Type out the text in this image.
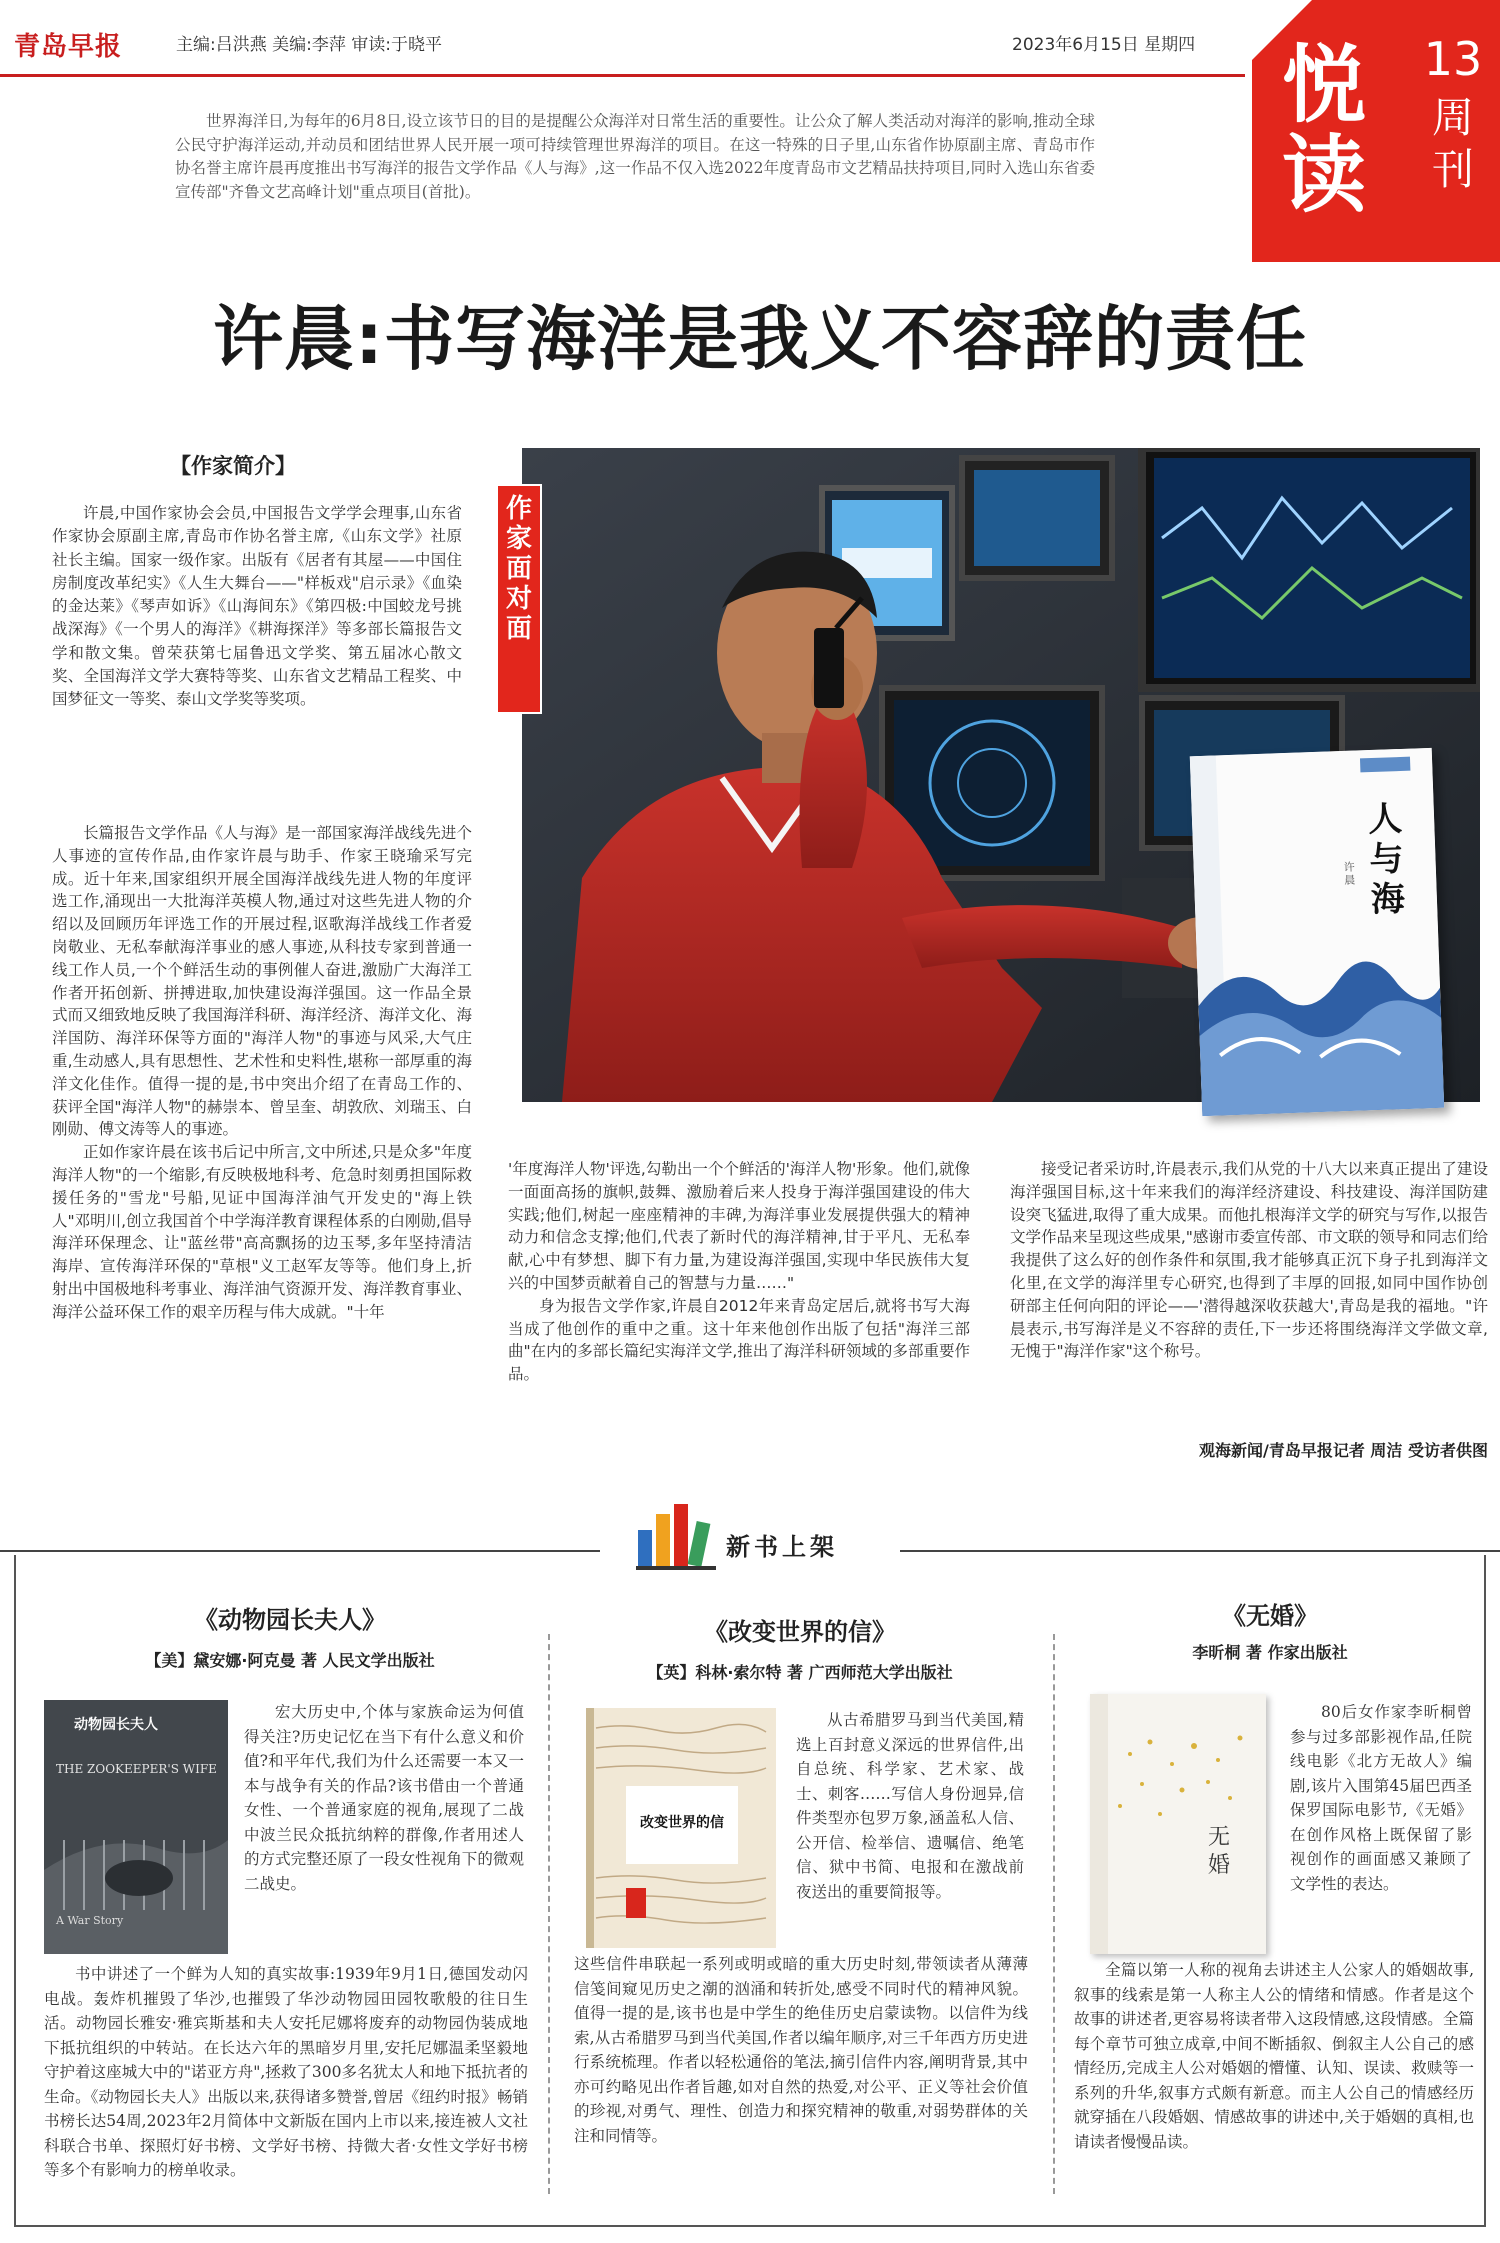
青岛早报	主编:吕洪燕 美编:李萍 审读:于晓平	2023年6月15日 星期四 悦读
13
周刊
世界海洋日,为每年的6月8日,设立该节日的目的是提醒公众海洋对日常生活的重要性。让公众了解人类活动对海洋的影响,推动全球公民守护海洋运动,并动员和团结世界人民开展一项可持续管理世界海洋的项目。在这一特殊的日子里,山东省作协原副主席、青岛市作协名誉主席许晨再度推出书写海洋的报告文学作品《人与海》,这一作品不仅入选2022年度青岛市文艺精品扶持项目,同时入选山东省委宣传部"齐鲁文艺高峰计划"重点项目(首批)。
许晨:书写海洋是我义不容辞的责任
【作家简介】
许晨,中国作家协会会员,中国报告文学学会理事,山东省作家协会原副主席,青岛市作协名誉主席,《山东文学》社原社长主编。国家一级作家。出版有《居者有其屋——中国住房制度改革纪实》《人生大舞台——"样板戏"启示录》《血染的金达莱》《琴声如诉》《山海间东》《第四极:中国蛟龙号挑战深海》《一个男人的海洋》《耕海探洋》等多部长篇报告文学和散文集。曾荣获第七届鲁迅文学奖、第五届冰心散文奖、全国海洋文学大赛特等奖、山东省文艺精品工程奖、中国梦征文一等奖、泰山文学奖等奖项。
作家面对面
人与海
许晨

长篇报告文学作品《人与海》是一部国家海洋战线先进个人事迹的宣传作品,由作家许晨与助手、作家王晓瑜采写完成。近十年来,国家组织开展全国海洋战线先进人物的年度评选工作,涌现出一大批海洋英模人物,通过对这些先进人物的介绍以及回顾历年评选工作的开展过程,讴歌海洋战线工作者爱岗敬业、无私奉献海洋事业的感人事迹,从科技专家到普通一线工作人员,一个个鲜活生动的事例催人奋进,激励广大海洋工作者开拓创新、拼搏进取,加快建设海洋强国。这一作品全景式而又细致地反映了我国海洋科研、海洋经济、海洋文化、海洋国防、海洋环保等方面的"海洋人物"的事迹与风采,大气庄重,生动感人,具有思想性、艺术性和史料性,堪称一部厚重的海洋文化佳作。值得一提的是,书中突出介绍了在青岛工作的、获评全国"海洋人物"的赫崇本、曾呈奎、胡敦欣、刘瑞玉、白刚勋、傅文涛等人的事迹。

正如作家许晨在该书后记中所言,文中所述,只是众多"年度海洋人物"的一个缩影,有反映极地科考、危急时刻勇担国际救援任务的"雪龙"号船,见证中国海洋油气开发史的"海上铁人"邓明川,创立我国首个中学海洋教育课程体系的白刚勋,倡导海洋环保理念、让"蓝丝带"高高飘扬的边玉琴,多年坚持清洁海岸、宣传海洋环保的"草根"义工赵军友等等。他们身上,折射出中国极地科考事业、海洋油气资源开发、海洋教育事业、海洋公益环保工作的艰辛历程与伟大成就。"十年

'年度海洋人物'评选,勾勒出一个个鲜活的'海洋人物'形象。他们,就像一面面高扬的旗帜,鼓舞、激励着后来人投身于海洋强国建设的伟大实践;他们,树起一座座精神的丰碑,为海洋事业发展提供强大的精神动力和信念支撑;他们,代表了新时代的海洋精神,甘于平凡、无私奉献,心中有梦想、脚下有力量,为建设海洋强国,实现中华民族伟大复兴的中国梦贡献着自己的智慧与力量……"

身为报告文学作家,许晨自2012年来青岛定居后,就将书写大海当成了他创作的重中之重。这十年来他创作出版了包括"海洋三部曲"在内的多部长篇纪实海洋文学,推出了海洋科研领域的多部重要作品。

接受记者采访时,许晨表示,我们从党的十八大以来真正提出了建设海洋强国目标,这十年来我们的海洋经济建设、科技建设、海洋国防建设突飞猛进,取得了重大成果。而他扎根海洋文学的研究与写作,以报告文学作品来呈现这些成果,"感谢市委宣传部、市文联的领导和同志们给我提供了这么好的创作条件和氛围,我才能够真正沉下身子扎到海洋文化里,在文学的海洋里专心研究,也得到了丰厚的回报,如同中国作协创研部主任何向阳的评论——'潜得越深收获越大',青岛是我的福地。"许晨表示,书写海洋是义不容辞的责任,下一步还将围绕海洋文学做文章,无愧于"海洋作家"这个称号。

观海新闻/青岛早报记者 周洁 受访者供图
新书上架
《动物园长夫人》
【美】黛安娜·阿克曼 著 人民文学出版社
动物园长夫人
THE ZOOKEEPER'S WIFE
A War Story
宏大历史中,个体与家族命运为何值得关注?历史记忆在当下有什么意义和价值?和平年代,我们为什么还需要一本又一本与战争有关的作品?该书借由一个普通女性、一个普通家庭的视角,展现了二战中波兰民众抵抗纳粹的群像,作者用述人的方式完整还原了一段女性视角下的微观二战史。
书中讲述了一个鲜为人知的真实故事:1939年9月1日,德国发动闪电战。轰炸机摧毁了华沙,也摧毁了华沙动物园田园牧歌般的往日生活。动物园长雅安·雅宾斯基和夫人安托尼娜将废弃的动物园伪装成地下抵抗组织的中转站。在长达六年的黑暗岁月里,安托尼娜温柔坚毅地守护着这座城大中的"诺亚方舟",拯救了300多名犹太人和地下抵抗者的生命。《动物园长夫人》出版以来,获得诸多赞誉,曾居《纽约时报》畅销书榜长达54周,2023年2月简体中文新版在国内上市以来,接连被人文社科联合书单、探照灯好书榜、文学好书榜、持微大者·女性文学好书榜等多个有影响力的榜单收录。
《改变世界的信》
【英】科林·索尔特 著 广西师范大学出版社
改变世界的信
从古希腊罗马到当代美国,精选上百封意义深远的世界信件,出自总统、科学家、艺术家、战士、刺客……写信人身份迥异,信件类型亦包罗万象,涵盖私人信、公开信、检举信、遗嘱信、绝笔信、狱中书简、电报和在激战前夜送出的重要简报等。
这些信件串联起一系列或明或暗的重大历史时刻,带领读者从薄薄信笺间窥见历史之潮的汹涌和转折处,感受不同时代的精神风貌。值得一提的是,该书也是中学生的绝佳历史启蒙读物。以信件为线索,从古希腊罗马到当代美国,作者以编年顺序,对三千年西方历史进行系统梳理。作者以轻松通俗的笔法,摘引信件内容,阐明背景,其中亦可约略见出作者旨趣,如对自然的热爱,对公平、正义等社会价值的珍视,对勇气、理性、创造力和探究精神的敬重,对弱势群体的关注和同情等。
《无婚》
李昕桐 著 作家出版社
无婚
80后女作家李昕桐曾参与过多部影视作品,任院线电影《北方无故人》编剧,该片入围第45届巴西圣保罗国际电影节,《无婚》在创作风格上既保留了影视创作的画面感又兼顾了文学性的表达。
全篇以第一人称的视角去讲述主人公家人的婚姻故事,叙事的线索是第一人称主人公的情绪和情感。作者是这个故事的讲述者,更容易将读者带入这段情感,这段情感。全篇每个章节可独立成章,中间不断插叙、倒叙主人公自己的感情经历,完成主人公对婚姻的懵懂、认知、误读、救赎等一系列的升华,叙事方式颇有新意。而主人公自己的情感经历就穿插在八段婚姻、情感故事的讲述中,关于婚姻的真相,也请读者慢慢品读。
